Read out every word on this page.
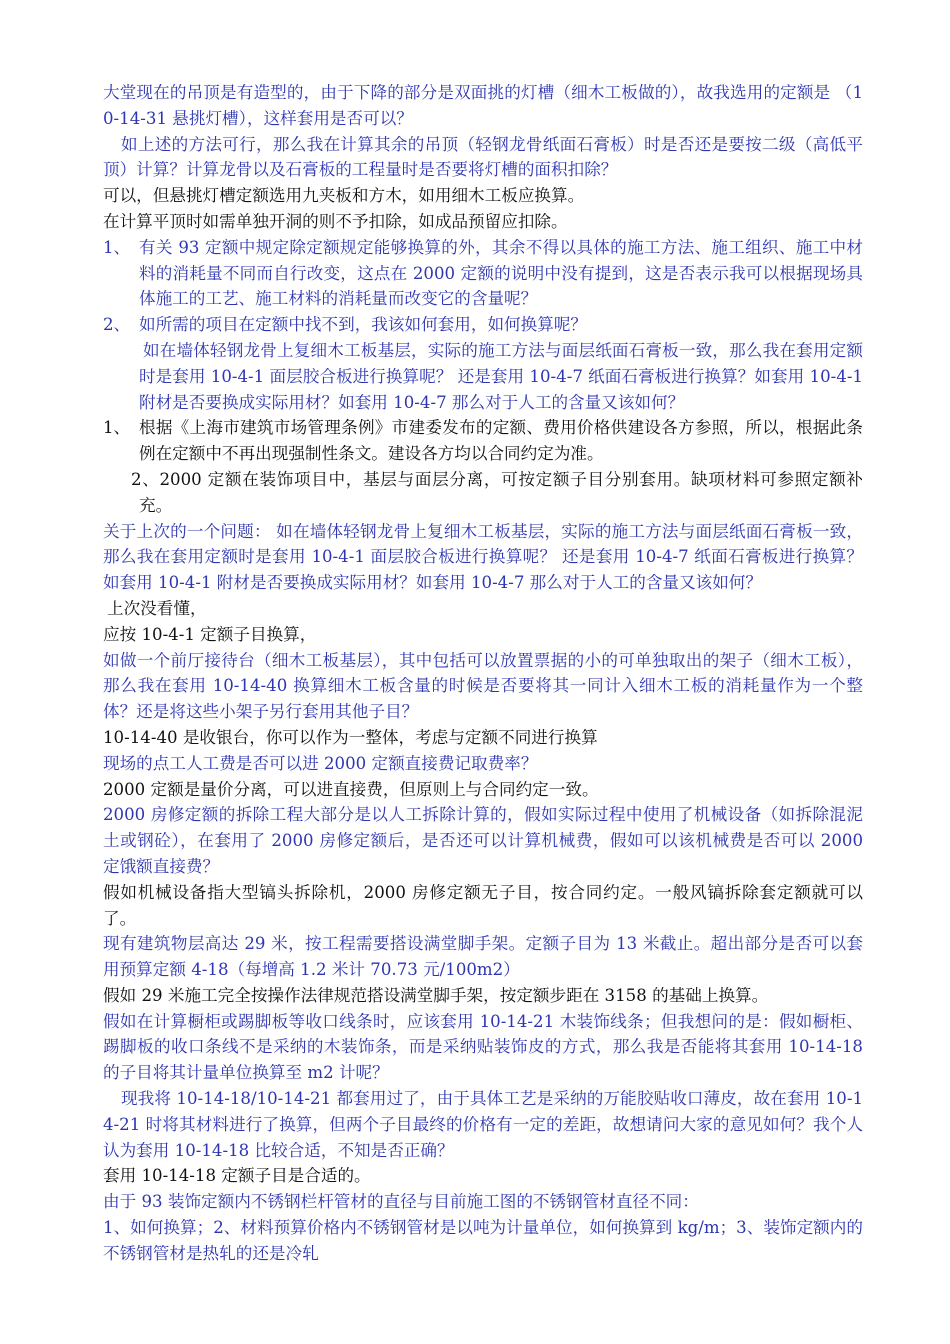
大堂现在的吊顶是有造型的，由于下降的部分是双面挑的灯槽（细木工板做的），故我选用的定额是 （10-14-31 悬挑灯槽），这样套用是否可以？

如上述的方法可行，那么我在计算其余的吊顶（轻钢龙骨纸面石膏板）时是否还是要按二级（高低平顶）计算？计算龙骨以及石膏板的工程量时是否要将灯槽的面积扣除？

可以，但悬挑灯槽定额选用九夹板和方木，如用细木工板应换算。

在计算平顶时如需单独开洞的则不予扣除，如成品预留应扣除。

1、 有关 93 定额中规定除定额规定能够换算的外，其余不得以具体的施工方法、施工组织、施工中材料的消耗量不同而自行改变，这点在 2000 定额的说明中没有提到，这是否表示我可以根据现场具体施工的工艺、施工材料的消耗量而改变它的含量呢？
2、 如所需的项目在定额中找不到，我该如何套用，如何换算呢？

如在墙体轻钢龙骨上复细木工板基层，实际的施工方法与面层纸面石膏板一致，那么我在套用定额时是套用 10-4-1 面层胶合板进行换算呢？ 还是套用 10-4-7 纸面石膏板进行换算？如套用 10-4-1 附材是否要换成实际用材？如套用 10-4-7 那么对于人工的含量又该如何？

1、 根据《上海市建筑市场管理条例》市建委发布的定额、费用价格供建设各方参照，所以，根据此条例在定额中不再出现强制性条文。建设各方均以合同约定为准。

2、2000 定额在装饰项目中，基层与面层分离，可按定额子目分别套用。缺项材料可参照定额补充。

关于上次的一个问题： 如在墙体轻钢龙骨上复细木工板基层，实际的施工方法与面层纸面石膏板一致，那么我在套用定额时是套用 10-4-1 面层胶合板进行换算呢？ 还是套用 10-4-7 纸面石膏板进行换算？如套用 10-4-1 附材是否要换成实际用材？如套用 10-4-7 那么对于人工的含量又该如何？

上次没看懂，

应按 10-4-1 定额子目换算，

如做一个前厅接待台（细木工板基层），其中包括可以放置票据的小的可单独取出的架子（细木工板），那么我在套用 10-14-40 换算细木工板含量的时候是否要将其一同计入细木工板的消耗量作为一个整体？还是将这些小架子另行套用其他子目？

10-14-40 是收银台，你可以作为一整体，考虑与定额不同进行换算

现场的点工人工费是否可以进 2000 定额直接费记取费率？

2000 定额是量价分离，可以进直接费，但原则上与合同约定一致。

2000 房修定额的拆除工程大部分是以人工拆除计算的，假如实际过程中使用了机械设备（如拆除混泥土或钢砼），在套用了 2000 房修定额后，是否还可以计算机械费，假如可以该机械费是否可以 2000 定饿额直接费？

假如机械设备指大型镐头拆除机，2000 房修定额无子目，按合同约定。一般风镐拆除套定额就可以了。

现有建筑物层高达 29 米，按工程需要搭设满堂脚手架。定额子目为 13 米截止。超出部分是否可以套用预算定额 4-18（每增高 1.2 米计 70.73 元/100m2）

假如 29 米施工完全按操作法律规范搭设满堂脚手架，按定额步距在 3158 的基础上换算。

假如在计算橱柜或踢脚板等收口线条时，应该套用 10-14-21 木装饰线条；但我想问的是：假如橱柜、踢脚板的收口条线不是采纳的木装饰条，而是采纳贴装饰皮的方式，那么我是否能将其套用 10-14-18 的子目将其计量单位换算至 m2 计呢？

现我将 10-14-18/10-14-21 都套用过了，由于具体工艺是采纳的万能胶贴收口薄皮，故在套用 10-14-21 时将其材料进行了换算，但两个子目最终的价格有一定的差距，故想请问大家的意见如何？我个人认为套用 10-14-18 比较合适，不知是否正确？

套用 10-14-18 定额子目是合适的。

由于 93 装饰定额内不锈钢栏杆管材的直径与目前施工图的不锈钢管材直径不同：

1、如何换算；2、材料预算价格内不锈钢管材是以吨为计量单位，如何换算到 kg/m；3、装饰定额内的不锈钢管材是热轧的还是冷轧
